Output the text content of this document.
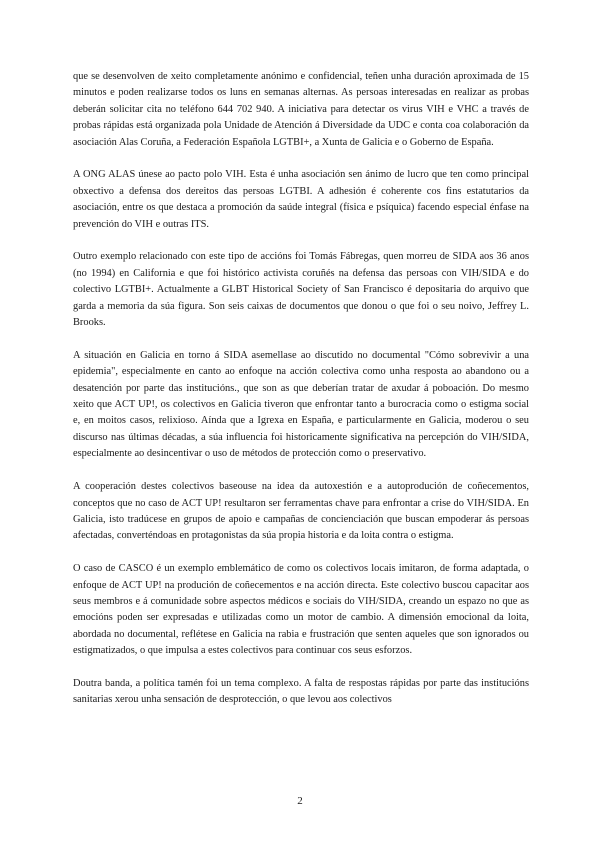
que se desenvolven de xeito completamente anónimo e confidencial, teñen unha duración aproximada de 15 minutos e poden realizarse todos os luns en semanas alternas. As persoas interesadas en realizar as probas deberán solicitar cita no teléfono 644 702 940. A iniciativa para detectar os virus VIH e VHC a través de probas rápidas está organizada pola Unidade de Atención á Diversidade da UDC e conta coa colaboración da asociación Alas Coruña, a Federación Española LGTBI+, a Xunta de Galicia e o Goberno de España.

A ONG ALAS únese ao pacto polo VIH. Esta é unha asociación sen ánimo de lucro que ten como principal obxectivo a defensa dos dereitos das persoas LGTBI. A adhesión é coherente cos fins estatutarios da asociación, entre os que destaca a promoción da saúde integral (física e psíquica) facendo especial énfase na prevención do VIH e outras ITS.

Outro exemplo relacionado con este tipo de accións foi Tomás Fábregas, quen morreu de SIDA aos 36 anos (no 1994) en California e que foi histórico activista coruñés na defensa das persoas con VIH/SIDA e do colectivo LGTBI+. Actualmente a GLBT Historical Society of San Francisco é depositaria do arquivo que garda a memoria da súa figura. Son seis caixas de documentos que donou o que foi o seu noivo, Jeffrey L. Brooks.

A situación en Galicia en torno á SIDA asemellase ao discutido no documental "Cómo sobrevivir a una epidemia", especialmente en canto ao enfoque na acción colectiva como unha resposta ao abandono ou a desatención por parte das institucións., que son as que deberían tratar de axudar á poboación. Do mesmo xeito que ACT UP!, os colectivos en Galicia tiveron que enfrontar tanto a burocracia como o estigma social e, en moitos casos, relixioso. Aínda que a Igrexa en España, e particularmente en Galicia, moderou o seu discurso nas últimas décadas, a súa influencia foi historicamente significativa na percepción do VIH/SIDA, especialmente ao desincentivar o uso de métodos de protección como o preservativo.

A cooperación destes colectivos baseouse na idea da autoxestión e a autoprodución de coñecementos, conceptos que no caso de ACT UP! resultaron ser ferramentas chave para enfrontar a crise do VIH/SIDA. En Galicia, isto tradúcese en grupos de apoio e campañas de concienciación que buscan empoderar ás persoas afectadas, converténdoas en protagonistas da súa propia historia e da loita contra o estigma.

O caso de CASCO é un exemplo emblemático de como os colectivos locais imitaron, de forma adaptada, o enfoque de ACT UP! na produción de coñecementos e na acción directa. Este colectivo buscou capacitar aos seus membros e á comunidade sobre aspectos médicos e sociais do VIH/SIDA, creando un espazo no que as emocións poden ser expresadas e utilizadas como un motor de cambio. A dimensión emocional da loita, abordada no documental, reflétese en Galicia na rabia e frustración que senten aqueles que son ignorados ou estigmatizados, o que impulsa a estes colectivos para continuar cos seus esforzos.

Doutra banda, a política tamén foi un tema complexo. A falta de respostas rápidas por parte das institucións sanitarias xerou unha sensación de desprotección, o que levou aos colectivos

2
